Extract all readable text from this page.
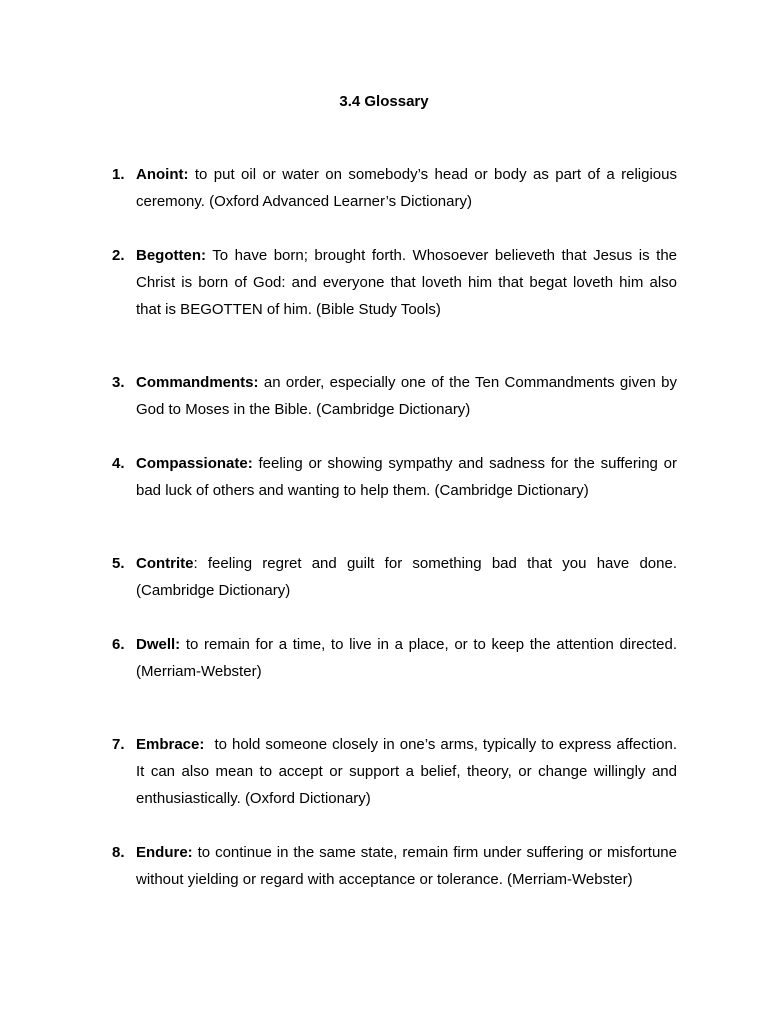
3.4 Glossary
1. Anoint: to put oil or water on somebody’s head or body as part of a religious ceremony. (Oxford Advanced Learner’s Dictionary)
2. Begotten: To have born; brought forth. Whosoever believeth that Jesus is the Christ is born of God: and everyone that loveth him that begat loveth him also that is BEGOTTEN of him. (Bible Study Tools)
3. Commandments: an order, especially one of the Ten Commandments given by God to Moses in the Bible. (Cambridge Dictionary)
4. Compassionate: feeling or showing sympathy and sadness for the suffering or bad luck of others and wanting to help them. (Cambridge Dictionary)
5. Contrite: feeling regret and guilt for something bad that you have done. (Cambridge Dictionary)
6. Dwell: to remain for a time, to live in a place, or to keep the attention directed. (Merriam-Webster)
7. Embrace:  to hold someone closely in one’s arms, typically to express affection. It can also mean to accept or support a belief, theory, or change willingly and enthusiastically. (Oxford Dictionary)
8. Endure: to continue in the same state, remain firm under suffering or misfortune without yielding or regard with acceptance or tolerance. (Merriam-Webster)
